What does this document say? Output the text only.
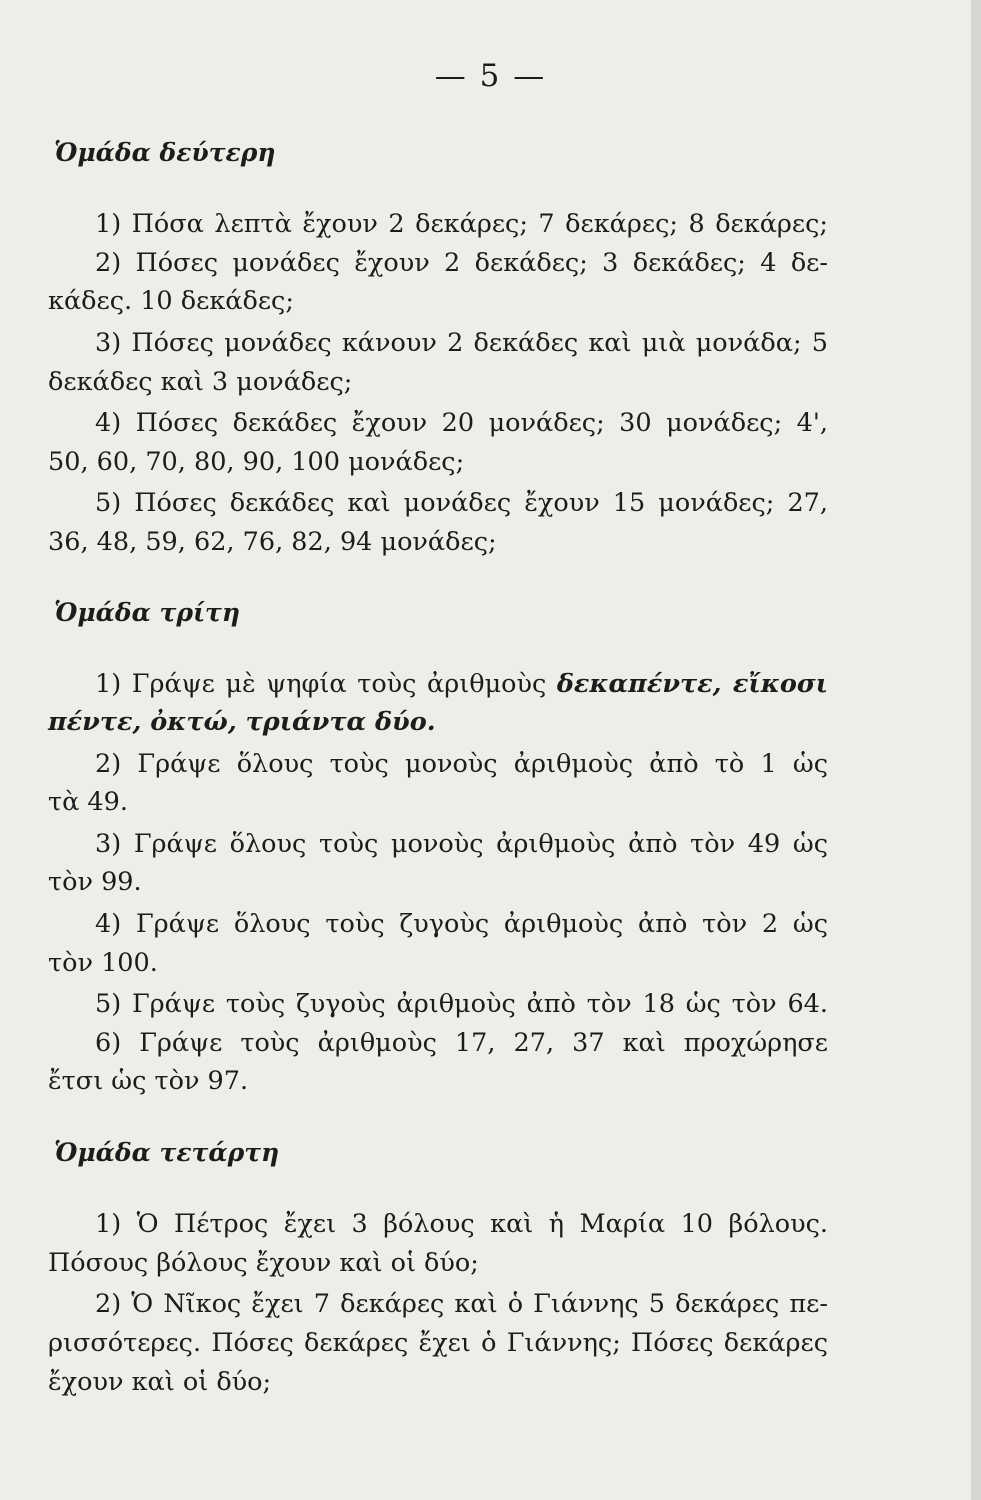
— 5 —
Ὁμάδα δεύτερη
1) Πόσα λεπτὰ ἔχουν 2 δεκάρες; 7 δεκάρες; 8 δεκάρες;
2) Πόσες μονάδες ἔχουν 2 δεκάδες; 3 δεκάδες; 4 δε-
κάδες. 10 δεκάδες;
3) Πόσες μονάδες κάνουν 2 δεκάδες καὶ μιὰ μονάδα; 5
δεκάδες καὶ 3 μονάδες;
4) Πόσες δεκάδες ἔχουν 20 μονάδες; 30 μονάδες; 4',
50, 60, 70, 80, 90, 100 μονάδες;
5) Πόσες δεκάδες καὶ μονάδες ἔχουν 15 μονάδες; 27,
36, 48, 59, 62, 76, 82, 94 μονάδες;
Ὁμάδα τρίτη
1) Γράψε μὲ ψηφία τοὺς ἀριθμοὺς δεκαπέντε, εἴκοσι
πέντε, ὀκτώ, τριάντα δύο.
2) Γράψε ὅλους τοὺς μονοὺς ἀριθμοὺς ἀπὸ τὸ 1 ὡς
τὰ 49.
3) Γράψε ὅλους τοὺς μονοὺς ἀριθμοὺς ἀπὸ τὸν 49 ὡς
τὸν 99.
4) Γράψε ὅλους τοὺς ζυγοὺς ἀριθμοὺς ἀπὸ τὸν 2 ὡς
τὸν 100.
5) Γράψε τοὺς ζυγοὺς ἀριθμοὺς ἀπὸ τὸν 18 ὡς τὸν 64.
6) Γράψε τοὺς ἀριθμοὺς 17, 27, 37 καὶ προχώρησε
ἔτσι ὡς τὸν 97.
Ὁμάδα τετάρτη
1) Ὁ Πέτρος ἔχει 3 βόλους καὶ ἡ Μαρία 10 βόλους.
Πόσους βόλους ἔχουν καὶ οἱ δύο;
2) Ὁ Νῖκος ἔχει 7 δεκάρες καὶ ὁ Γιάννης 5 δεκάρες πε-
ρισσότερες. Πόσες δεκάρες ἔχει ὁ Γιάννης; Πόσες δεκάρες
ἔχουν καὶ οἱ δύο;
